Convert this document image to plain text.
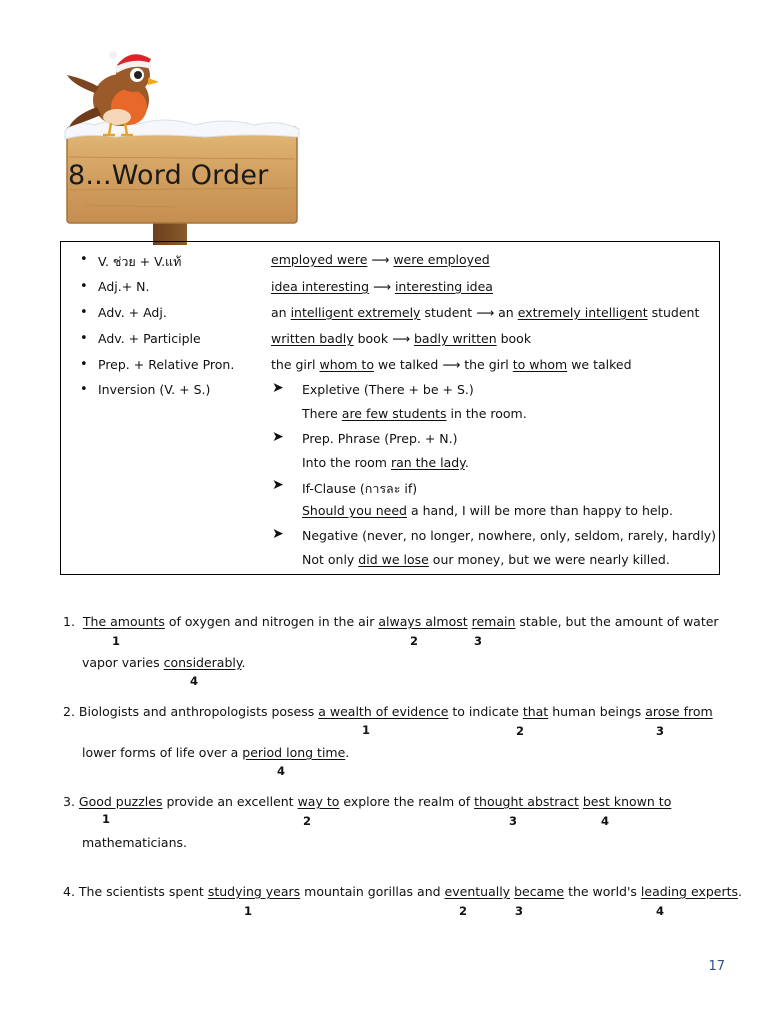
8...Word Order
• V. ช่วย + V.แท้	employed were ⟶ were employed
• Adj.+ N.	idea interesting ⟶ interesting idea
• Adv. + Adj.	an intelligent extremely student ⟶ an extremely intelligent student
• Adv. + Participle	written badly book ⟶ badly written book
• Prep. + Relative Pron.	the girl whom to we talked ⟶ the girl to whom we talked
• Inversion (V. + S.)	➤ Expletive (There + be + S.)
There are few students in the room.
➤ Prep. Phrase (Prep. + N.)
Into the room ran the lady.
➤ If-Clause (การละ if)
Should you need a hand, I will be more than happy to help.
➤ Negative (never, no longer, nowhere, only, seldom, rarely, hardly)
Not only did we lose our money, but we were nearly killed.
1. The amounts of oxygen and nitrogen in the air always almost remain stable, but the amount of water
1	2	3
vapor varies considerably.
4
2. Biologists and anthropologists posess a wealth of evidence to indicate that human beings arose from
1	2	3
lower forms of life over a period long time.
4
3. Good puzzles provide an excellent way to explore the realm of thought abstract best known to
1	2	3	4
mathematicians.
4. The scientists spent studying years mountain gorillas and eventually became the world's leading experts.
1	2	3	4
17
